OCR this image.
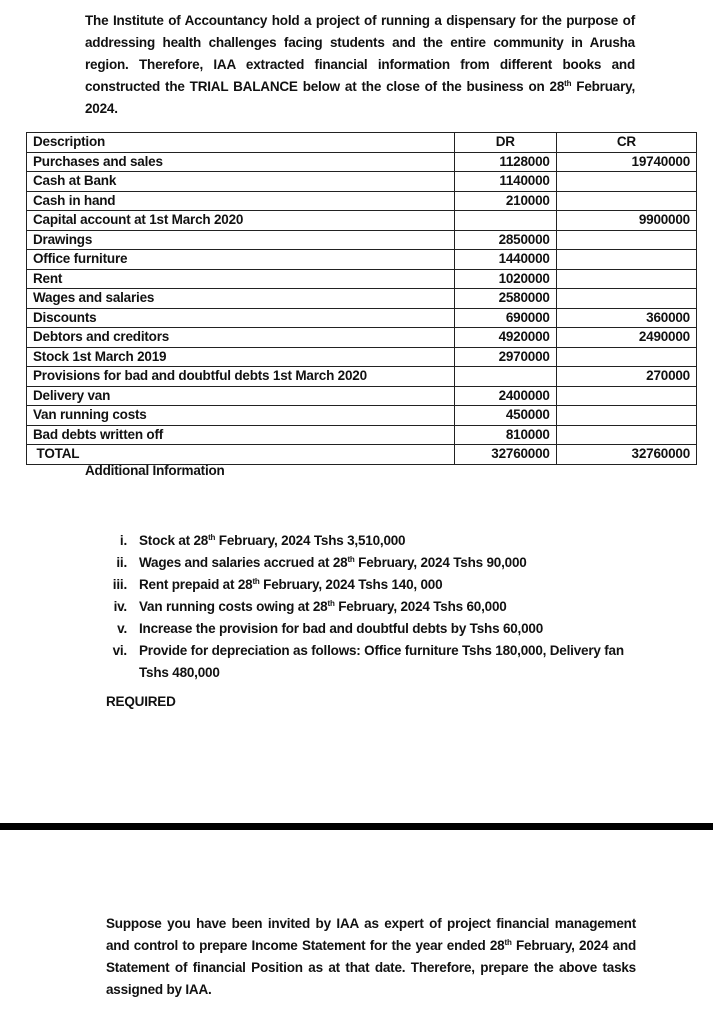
The Institute of Accountancy hold a project of running a dispensary for the purpose of addressing health challenges facing students and the entire community in Arusha region. Therefore, IAA extracted financial information from different books and constructed the TRIAL BALANCE below at the close of the business on 28th February, 2024.
Description	DR	CR
Purchases and sales	1128000	19740000
Cash at Bank	1140000	
Cash in hand	210000	
Capital account at 1st March 2020		9900000
Drawings	2850000	
Office furniture	1440000	
Rent	1020000	
Wages and salaries	2580000	
Discounts	690000	360000
Debtors and creditors	4920000	2490000
Stock 1st March 2019	2970000	
Provisions for bad and doubtful debts 1st March 2020		270000
Delivery van	2400000	
Van running costs	450000	
Bad debts written off	810000	
TOTAL	32760000	32760000
Additional Information
i. Stock at 28th February, 2024 Tshs 3,510,000
ii. Wages and salaries accrued at 28th February, 2024 Tshs 90,000
iii. Rent prepaid at 28th February, 2024 Tshs 140, 000
iv. Van running costs owing at 28th February, 2024 Tshs 60,000
v. Increase the provision for bad and doubtful debts by Tshs 60,000
vi. Provide for depreciation as follows: Office furniture Tshs 180,000, Delivery fan Tshs 480,000
REQUIRED
Suppose you have been invited by IAA as expert of project financial management and control to prepare Income Statement for the year ended 28th February, 2024 and Statement of financial Position as at that date. Therefore, prepare the above tasks assigned by IAA.
